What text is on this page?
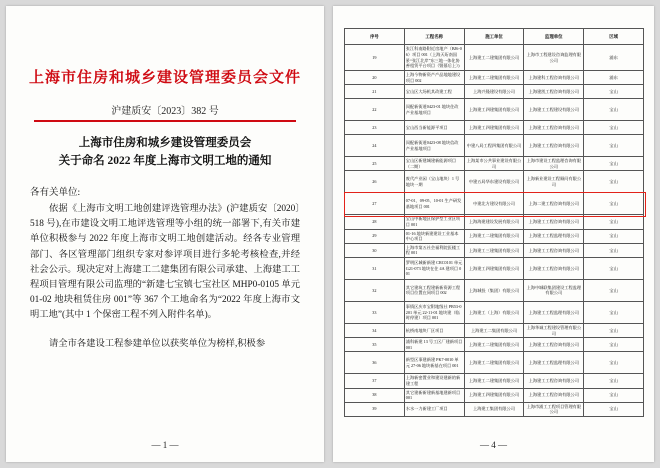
上海市住房和城乡建设管理委员会文件
沪建质安〔2023〕382 号
上海市住房和城乡建设管理委员会
关于命名 2022 年度上海市文明工地的通知
各有关单位:

依据《上海市文明工地创建评选管理办法》(沪建质安〔2020〕518 号),在市建设文明工地评选管理等小组的统一部署下,有关市建单位积极参与 2022 年度上海市文明工地创建活动。经各专业管理部门、各区管理部门组织专家对参评项目进行多轮考核检查,并经社会公示。现决定对上海建工二建集团有限公司承建、上海建工工程项目管理有限公司监理的“新建七宝镇七宝社区 MHP0-0105 单元 01-02 地块租赁住房 001”等 367 个工地命名为“2022 年度上海市文明工地”(其中 1 个保密工程不列入附件名单)。

请全市各建设工程参建单位以获奖单位为榜样,积极参

— 1 —
序号	工程名称	施工单位	监理单位	区域
19	张江科南路附近房地产（BJ6-06）项目 001（上海天珩南国景“张江北岸”东三地一体化协善租赁平台项目（暨墓后上）)	上海建工二建集团有限公司	上海市工程建设咨询监理有限公司	浦东
20	上海今物新资产产品地地建设项目 002	上海建工二建集团有限公司	上海建科工程咨询有限公司	浦东
21	宝山区大场机其改建工程	上海兴隆建设有限公司	上海建凯工程咨询有限公司	宝山
22	闵配新街道0423-01 地块住改产业基地项目	上海建工四建集团有限公司	上海建工工程建设有限公司	宝山
23	宝山西当新能源平项目	上海建工四建集团有限公司	上海建工工程咨询有限公司	宝山
24	闵配新街道0423-08 地块信改产业基地项目	中建八局工程四集团有限公司	上海建工工程咨询有限公司	宝山
25	宝山区新建城建新能源项目（二期）	上海某市公共事业建设有限公司	上海市建设工程监理咨询有限公司	宝山
26	废代产业园（宝山地块）1 号地块一期	中建五局华东建设有限公司	上海新业建设工程顾问有限公司	宝山
27	07-01、09-05、10-01 生产研发基地项目 001	中建北方建设有限公司	上海二建工程咨询有限公司	宝山
28	宝山中新地区保护型工业区项目 001	上海海建建设发展有限公司	上海建工工程咨询有限公司	宝山
29	01-16 地块新建建设工业基本中心项目	上海建工二建集团有限公司	上海建工工程监理有限公司	宝山
30	上海市第五社会福利院医楼工程 001	上海建工三建集团有限公司	上海建工工程咨询有限公司	宝山
31	罗明区城新新建 CRC0101 单元 G21-073 地块在住 4A 建项目 001	上海建工四建集团有限公司	上海建工工程咨询有限公司	宝山
32	其它建筑工程建新新资源工程项目位置在同项目 002	上海城投（集团）有限公司	上海中城联集团建设工程监理有限公司	宝山
33	事情区庆市宝附地级社 PB53-0201 单元 22-11-01 地块建（临时停建）项目 001	上海建工（上海）有限公司	上海建工工程监理有限公司	宝山
34	杭桥南地块厂区项目	上海建工二集团有限公司	上海华诚工程建设管理有限公司	宝山
35	浦科新建 13 号工区厂建新项目 001	上海建工二建集团有限公司	上海建工工程咨询有限公司	宝山
36	新型区事建新建 PK7-0010 单元 27-06 地块新基在项目 001	上海建工二建集团有限公司	上海建工工程监理有限公司	宝山
37	上海新密置业和建设建新的新建工程	上海建工二建集团有限公司	上海建工工程咨询有限公司	宝山
38	其它建新新建新基地建新项目 001	上海建工四建集团有限公司	上海建工工程咨询有限公司	宝山
39	水水一力新建工厂项目	上海建工集团有限公司	上海市浦工工程项目管理有限公司	宝山
— 4 —
